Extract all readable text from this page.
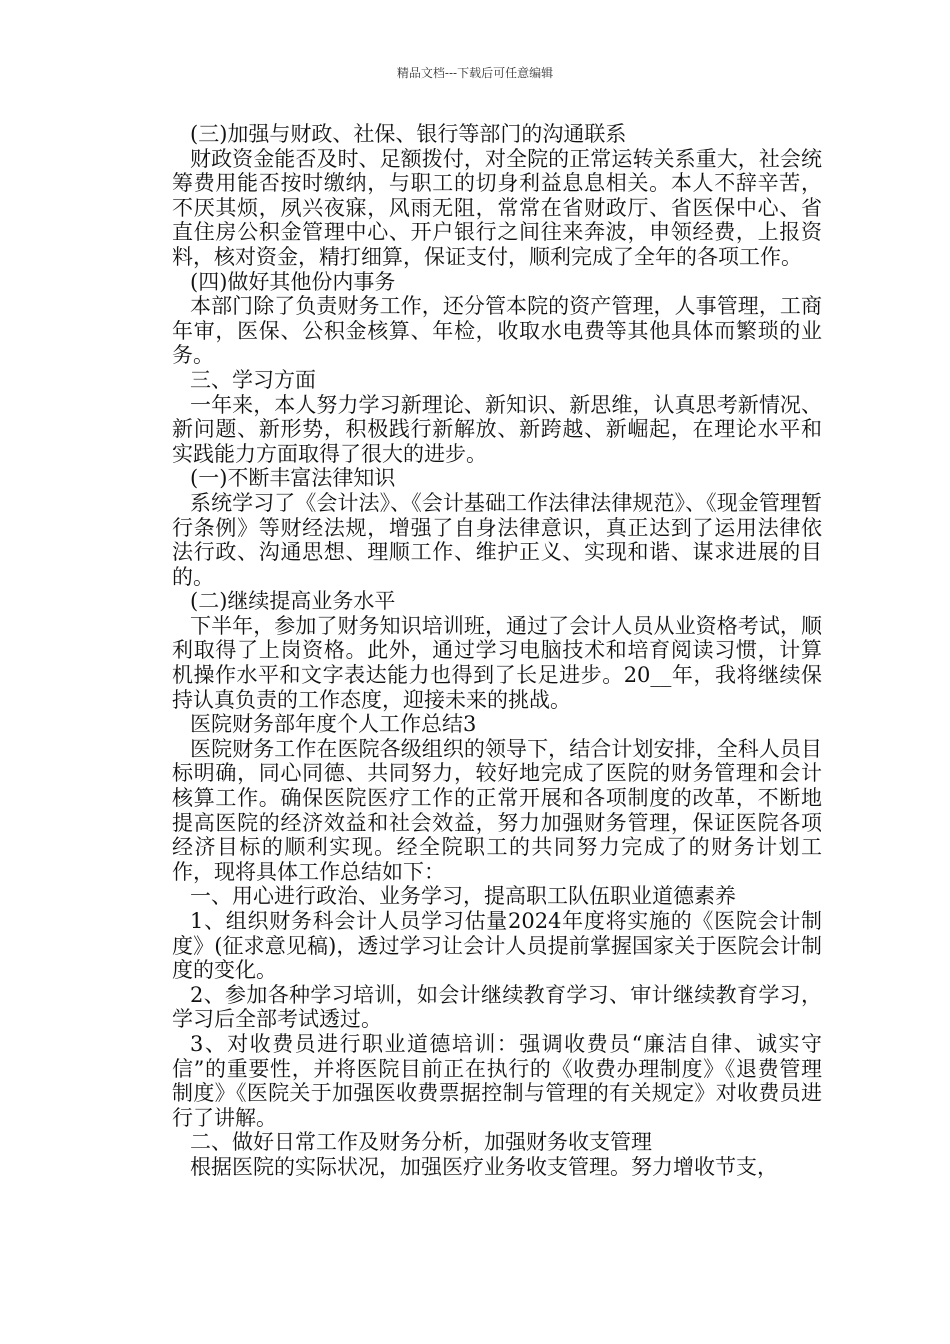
精品文档---下载后可任意编辑

(三)加强与财政、社保、银行等部门的沟通联系

财政资金能否及时、足额拨付，对全院的正常运转关系重大，社会统筹费用能否按时缴纳，与职工的切身利益息息相关。本人不辞辛苦，不厌其烦，夙兴夜寐，风雨无阻，常常在省财政厅、省医保中心、省直住房公积金管理中心、开户银行之间往来奔波，申领经费，上报资料，核对资金，精打细算，保证支付，顺利完成了全年的各项工作。

(四)做好其他份内事务

本部门除了负责财务工作，还分管本院的资产管理，人事管理，工商年审，医保、公积金核算、年检，收取水电费等其他具体而繁琐的业务。

三、学习方面

一年来，本人努力学习新理论、新知识、新思维，认真思考新情况、新问题、新形势，积极践行新解放、新跨越、新崛起，在理论水平和实践能力方面取得了很大的进步。

(一)不断丰富法律知识

系统学习了《会计法》、《会计基础工作法律法律规范》、《现金管理暂行条例》等财经法规，增强了自身法律意识，真正达到了运用法律依法行政、沟通思想、理顺工作、维护正义、实现和谐、谋求进展的目的。

(二)继续提高业务水平

下半年，参加了财务知识培训班，通过了会计人员从业资格考试，顺利取得了上岗资格。此外，通过学习电脑技术和培育阅读习惯，计算机操作水平和文字表达能力也得到了长足进步。20__年，我将继续保持认真负责的工作态度，迎接未来的挑战。

医院财务部年度个人工作总结3

医院财务工作在医院各级组织的领导下，结合计划安排，全科人员目标明确，同心同德、共同努力，较好地完成了医院的财务管理和会计核算工作。确保医院医疗工作的正常开展和各项制度的改革，不断地提高医院的经济效益和社会效益，努力加强财务管理，保证医院各项经济目标的顺利实现。经全院职工的共同努力完成了的财务计划工作，现将具体工作总结如下：

一、用心进行政治、业务学习，提高职工队伍职业道德素养

1、组织财务科会计人员学习估量2024年度将实施的《医院会计制度》(征求意见稿)，透过学习让会计人员提前掌握国家关于医院会计制度的变化。

2、参加各种学习培训，如会计继续教育学习、审计继续教育学习，学习后全部考试透过。

3、对收费员进行职业道德培训：强调收费员“廉洁自律、诚实守信”的重要性，并将医院目前正在执行的《收费办理制度》《退费管理制度》《医院关于加强医收费票据控制与管理的有关规定》对收费员进行了讲解。

二、做好日常工作及财务分析，加强财务收支管理

根据医院的实际状况，加强医疗业务收支管理。努力增收节支，
